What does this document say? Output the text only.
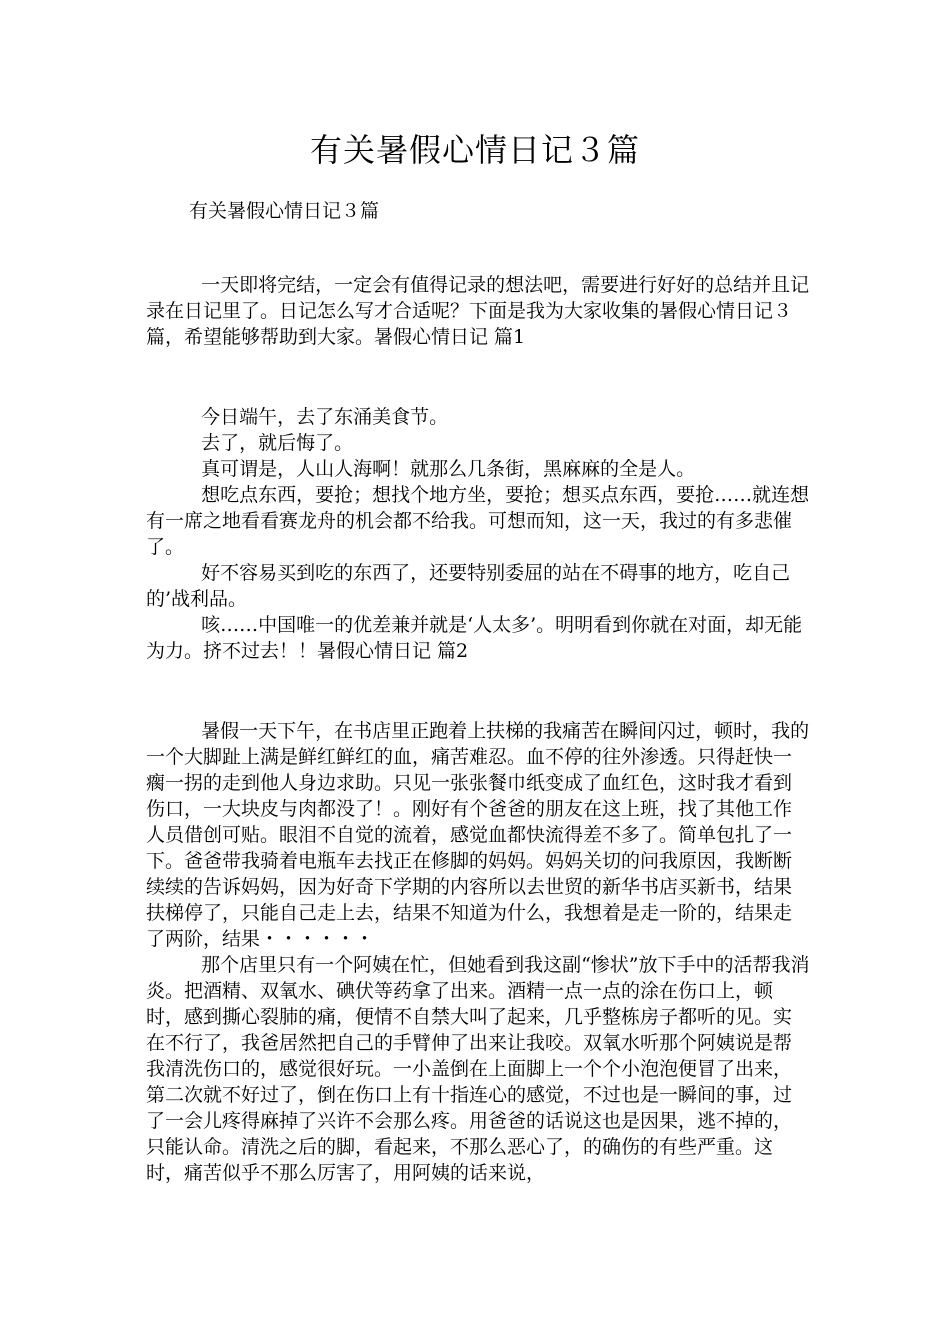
有关暑假心情日记３篇
有关暑假心情日记３篇

一天即将完结，一定会有值得记录的想法吧，需要进行好好的总结并且记录在日记里了。日记怎么写才合适呢？下面是我为大家收集的暑假心情日记３篇，希望能够帮助到大家。暑假心情日记 篇1

今日端午，去了东涌美食节。

去了，就后悔了。

真可谓是，人山人海啊！就那么几条街，黑麻麻的全是人。

想吃点东西，要抢；想找个地方坐，要抢；想买点东西，要抢……就连想有一席之地看看赛龙舟的机会都不给我。可想而知，这一天，我过的有多悲催了。

好不容易买到吃的东西了，还要特别委屈的站在不碍事的地方，吃自己的’战利品。

咳……中国唯一的优差兼并就是‘人太多’。明明看到你就在对面，却无能为力。挤不过去！！暑假心情日记 篇2

暑假一天下午，在书店里正跑着上扶梯的我痛苦在瞬间闪过，顿时，我的一个大脚趾上满是鲜红鲜红的血，痛苦难忍。血不停的往外渗透。只得赶快一瘸一拐的走到他人身边求助。只见一张张餐巾纸变成了血红色，这时我才看到伤口，一大块皮与肉都没了！。刚好有个爸爸的朋友在这上班，找了其他工作人员借创可贴。眼泪不自觉的流着，感觉血都快流得差不多了。简单包扎了一下。爸爸带我骑着电瓶车去找正在修脚的妈妈。妈妈关切的问我原因，我断断续续的告诉妈妈，因为好奇下学期的内容所以去世贸的新华书店买新书，结果扶梯停了，只能自己走上去，结果不知道为什么，我想着是走一阶的，结果走了两阶，结果・・・・・・

那个店里只有一个阿姨在忙，但她看到我这副“惨状”放下手中的活帮我消炎。把酒精、双氧水、碘伏等药拿了出来。酒精一点一点的涂在伤口上，顿时，感到撕心裂肺的痛，便情不自禁大叫了起来，几乎整栋房子都听的见。实在不行了，我爸居然把自己的手臂伸了出来让我咬。双氧水听那个阿姨说是帮我清洗伤口的，感觉很好玩。一小盖倒在上面脚上一个个小泡泡便冒了出来，第二次就不好过了，倒在伤口上有十指连心的感觉，不过也是一瞬间的事，过了一会儿疼得麻掉了兴许不会那么疼。用爸爸的话说这也是因果，逃不掉的，只能认命。清洗之后的脚，看起来，不那么恶心了，的确伤的有些严重。这时，痛苦似乎不那么厉害了，用阿姨的话来说，
